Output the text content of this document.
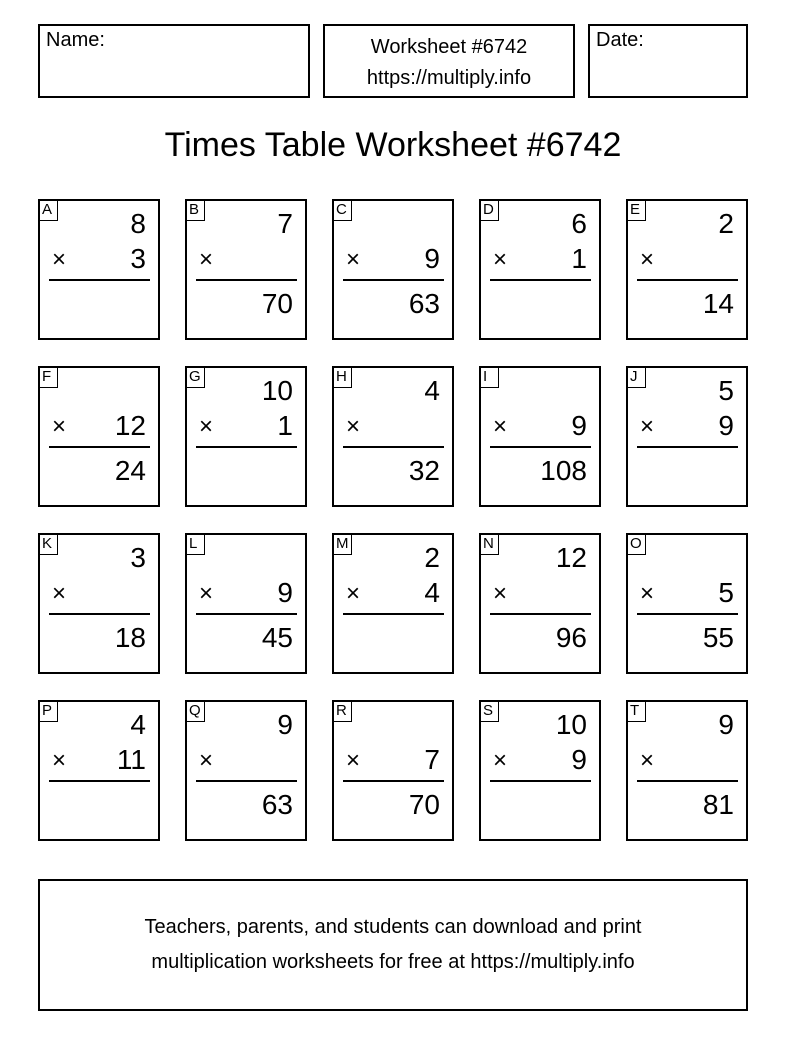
Name:	Worksheet #6742
https://multiply.info
Date:
Times Table Worksheet #6742
A	8
× 3
B	7
×
70
C
× 9
63
D	6
× 1
E	2
×
14
F
× 12
24
G 10
× 1
H	4
×
32
I
× 9
108
J	5
× 9
K	3
×
18
L
× 9
45
M	2
× 4
N 12
×
96
O
× 5
55
P	4
× 11
Q	9
×
63
R
× 7
70
S 10
× 9
T	9
×
81
Teachers, parents, and students can download and print
multiplication worksheets for free at https://multiply.info
